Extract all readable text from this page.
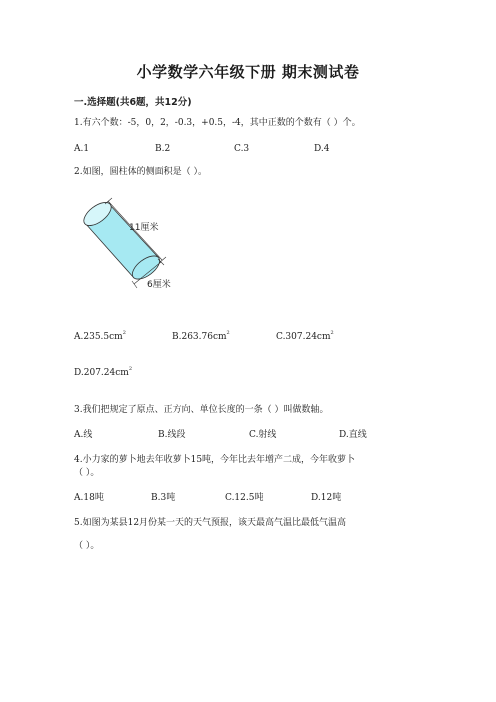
小学数学六年级下册 期末测试卷
一.选择题(共6题，共12分)
1.有六个数：-5，0，2，-0.3，+0.5，-4，其中正数的个数有（ ）个。
A.1	B.2	C.3	D.4
2.如图，圆柱体的侧面积是（ ）。
11厘米
6厘米
$A.235.5cm^2$	$B.263.76cm^2$	$C.307.24cm^2$
$D.207.24cm^2$
3.我们把规定了原点、正方向、单位长度的一条（ ）叫做数轴。
A.线	B.线段	C.射线	D.直线
4.小力家的萝卜地去年收萝卜15吨，今年比去年增产二成，今年收萝卜
（ ）。
A.18吨	B.3吨	C.12.5吨	D.12吨
5.如图为某县12月份某一天的天气预报，该天最高气温比最低气温高
（ ）。
